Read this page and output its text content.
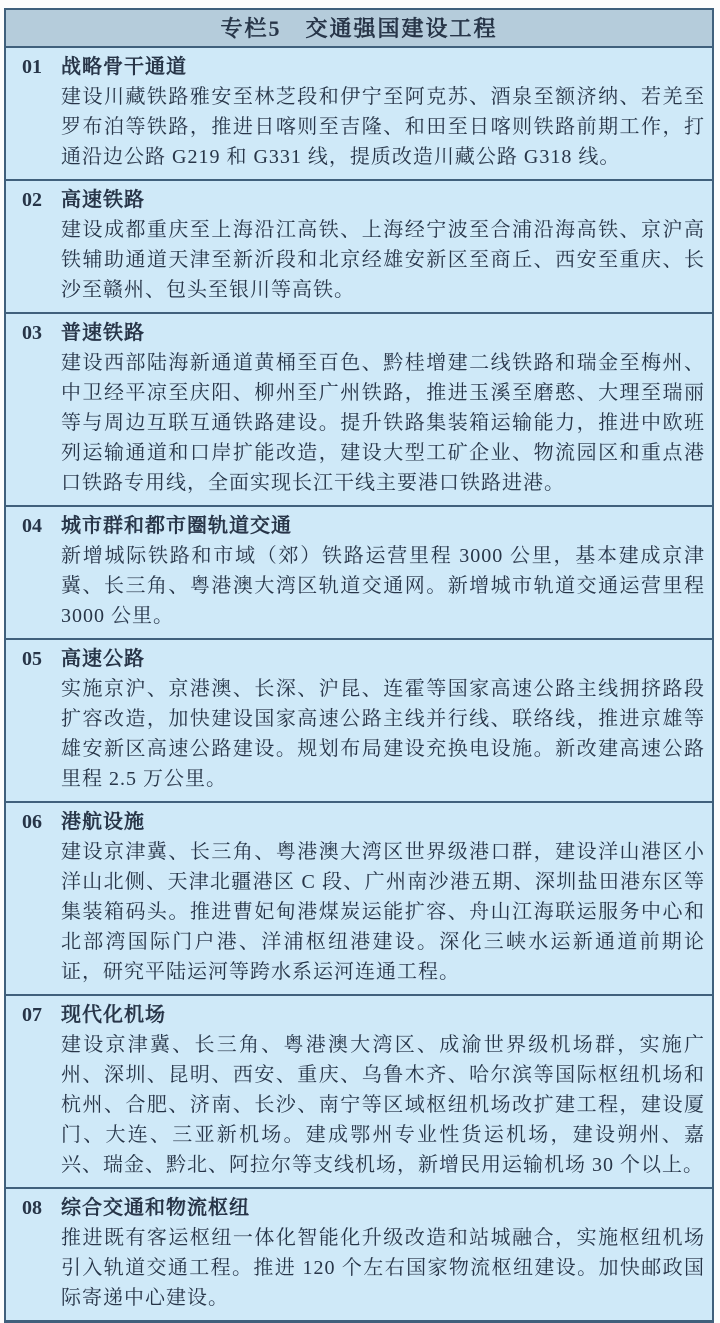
专栏5　交通强国建设工程
01 战略骨干通道

建设川藏铁路雅安至林芝段和伊宁至阿克苏、酒泉至额济纳、若羌至罗布泊等铁路，推进日喀则至吉隆、和田至日喀则铁路前期工作，打通沿边公路 G219 和 G331 线，提质改造川藏公路 G318 线。

02 高速铁路

建设成都重庆至上海沿江高铁、上海经宁波至合浦沿海高铁、京沪高铁辅助通道天津至新沂段和北京经雄安新区至商丘、西安至重庆、长沙至赣州、包头至银川等高铁。

03 普速铁路

建设西部陆海新通道黄桶至百色、黔桂增建二线铁路和瑞金至梅州、中卫经平凉至庆阳、柳州至广州铁路，推进玉溪至磨憨、大理至瑞丽等与周边互联互通铁路建设。提升铁路集装箱运输能力，推进中欧班列运输通道和口岸扩能改造，建设大型工矿企业、物流园区和重点港口铁路专用线，全面实现长江干线主要港口铁路进港。

04 城市群和都市圈轨道交通

新增城际铁路和市域（郊）铁路运营里程 3000 公里，基本建成京津冀、长三角、粤港澳大湾区轨道交通网。新增城市轨道交通运营里程 3000 公里。

05 高速公路

实施京沪、京港澳、长深、沪昆、连霍等国家高速公路主线拥挤路段扩容改造，加快建设国家高速公路主线并行线、联络线，推进京雄等雄安新区高速公路建设。规划布局建设充换电设施。新改建高速公路里程 2.5 万公里。

06 港航设施

建设京津冀、长三角、粤港澳大湾区世界级港口群，建设洋山港区小洋山北侧、天津北疆港区 C 段、广州南沙港五期、深圳盐田港东区等集装箱码头。推进曹妃甸港煤炭运能扩容、舟山江海联运服务中心和北部湾国际门户港、洋浦枢纽港建设。深化三峡水运新通道前期论证，研究平陆运河等跨水系运河连通工程。

07 现代化机场

建设京津冀、长三角、粤港澳大湾区、成渝世界级机场群，实施广州、深圳、昆明、西安、重庆、乌鲁木齐、哈尔滨等国际枢纽机场和杭州、合肥、济南、长沙、南宁等区域枢纽机场改扩建工程，建设厦门、大连、三亚新机场。建成鄂州专业性货运机场，建设朔州、嘉兴、瑞金、黔北、阿拉尔等支线机场，新增民用运输机场 30 个以上。

08 综合交通和物流枢纽

推进既有客运枢纽一体化智能化升级改造和站城融合，实施枢纽机场引入轨道交通工程。推进 120 个左右国家物流枢纽建设。加快邮政国际寄递中心建设。
